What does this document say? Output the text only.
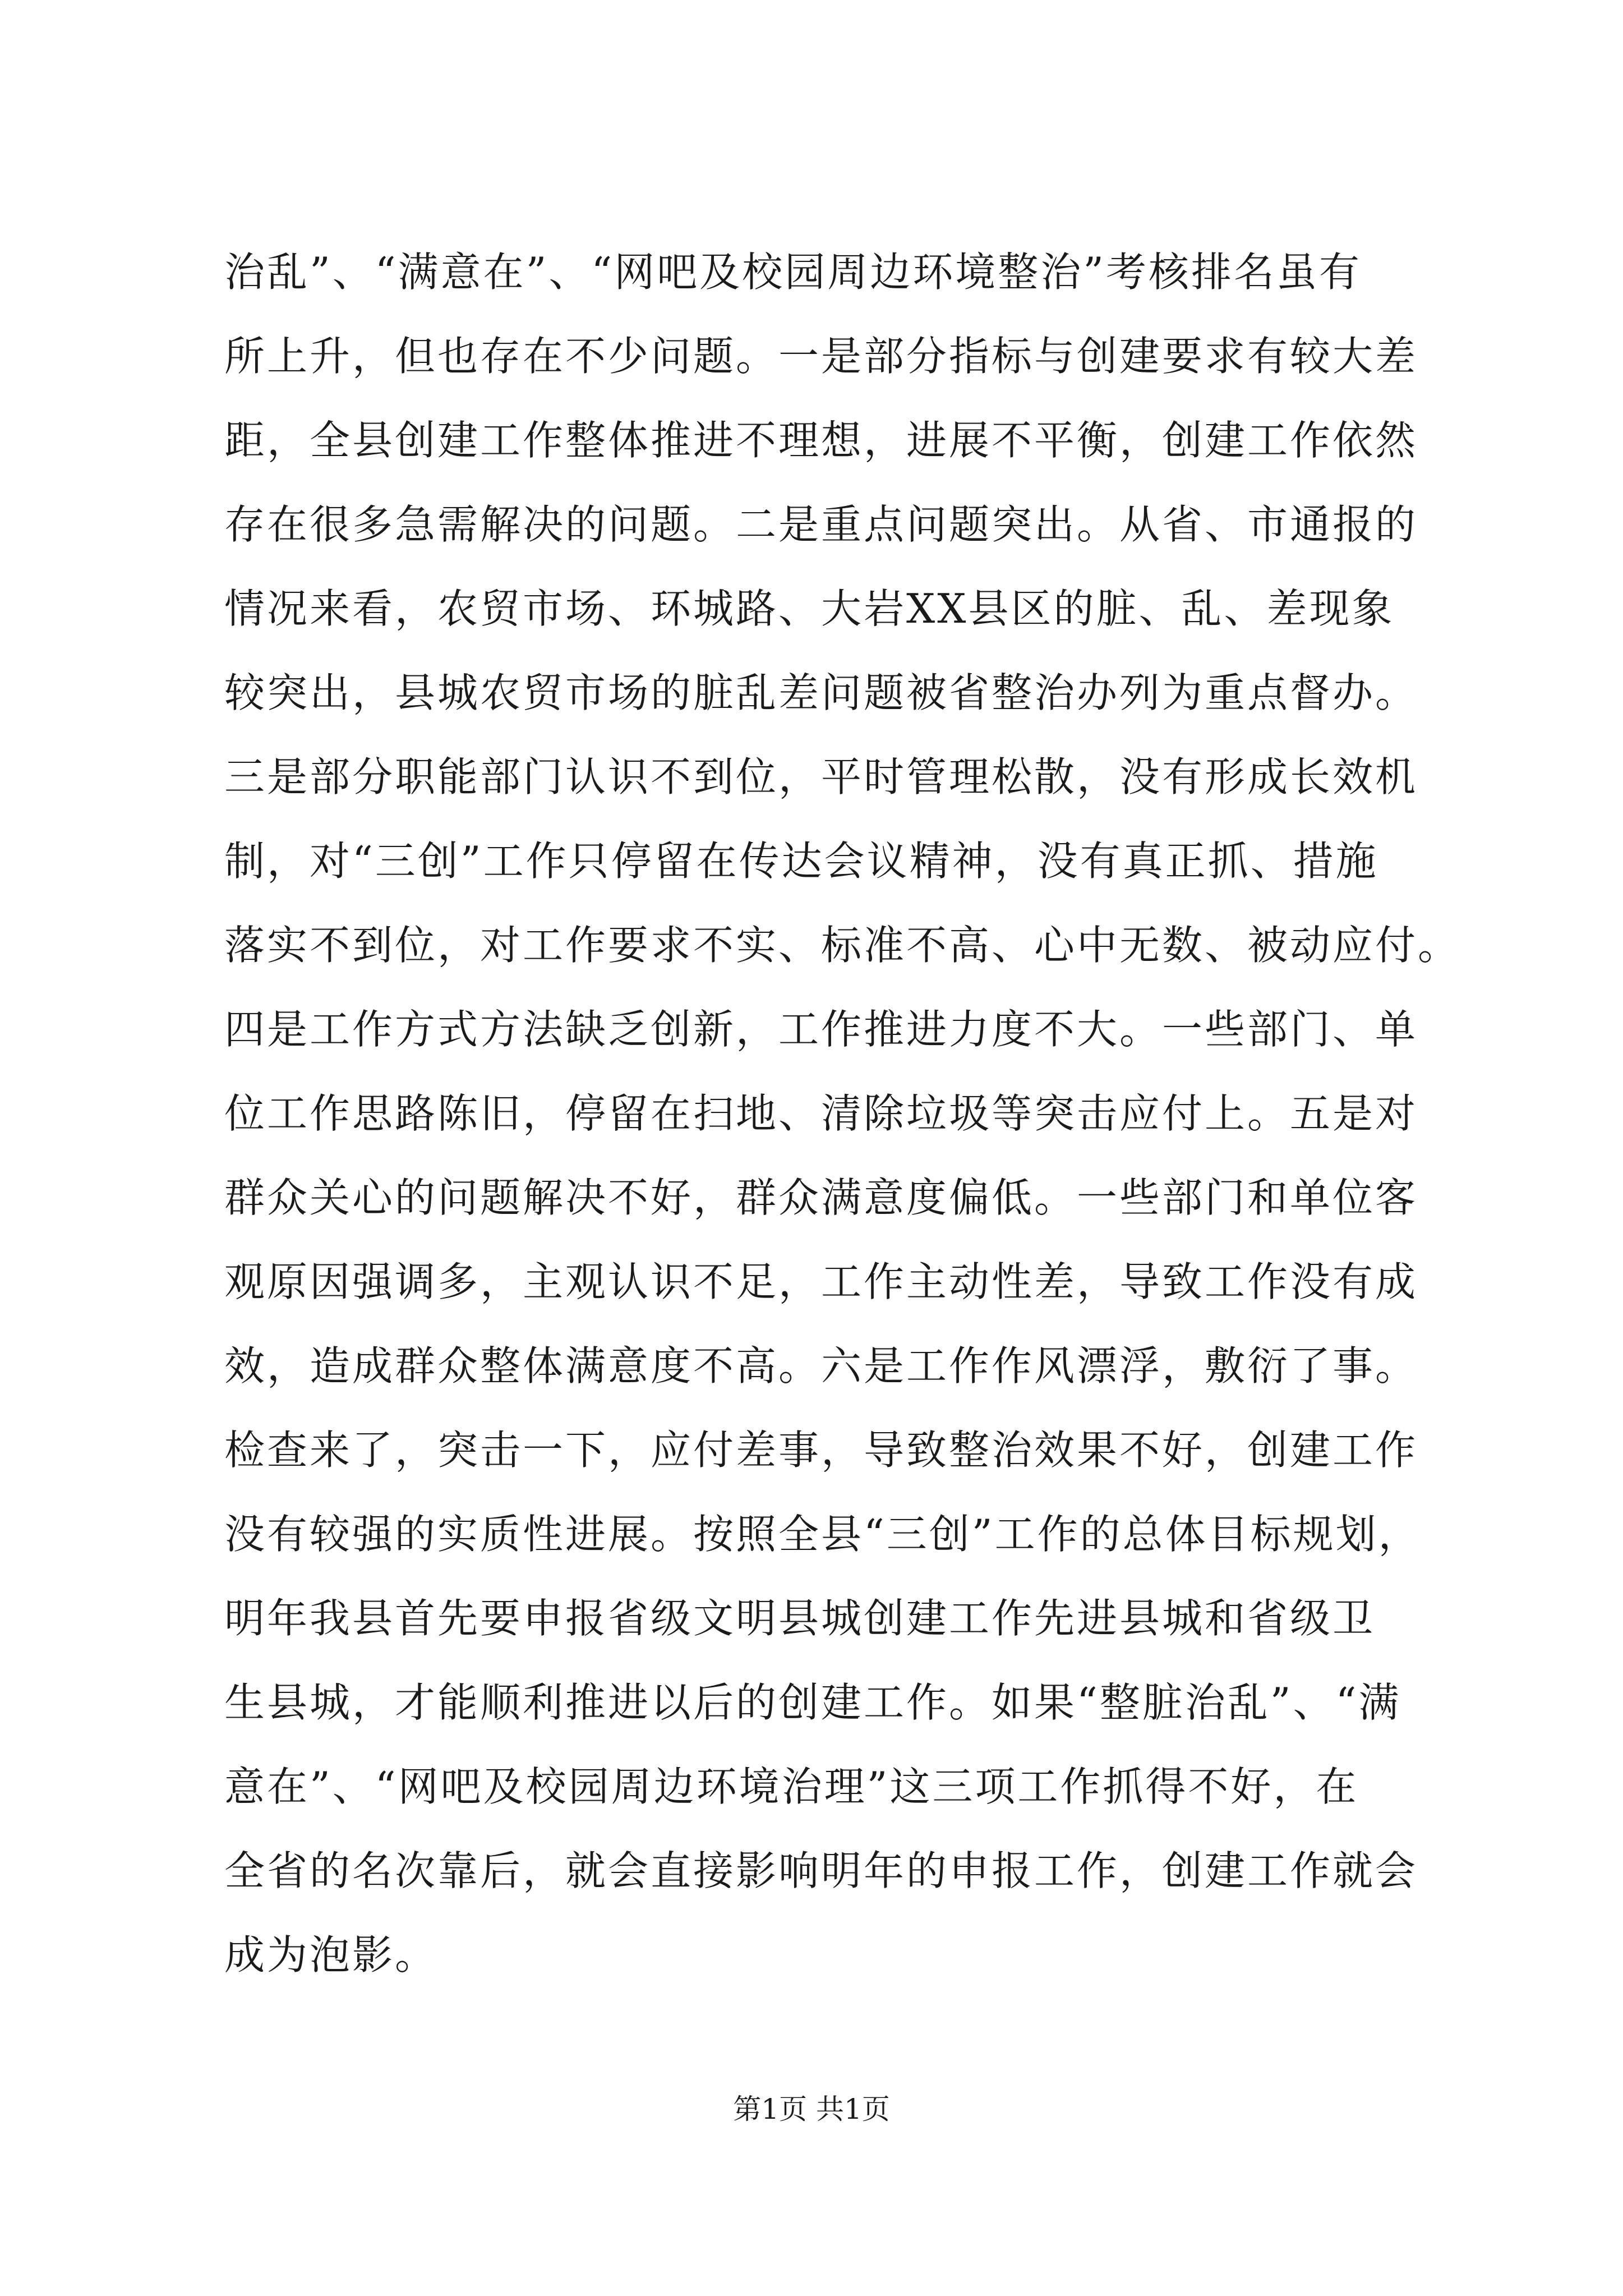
治乱”、“满意在”、“网吧及校园周边环境整治”考核排名虽有
所上升，但也存在不少问题。一是部分指标与创建要求有较大差
距，全县创建工作整体推进不理想，进展不平衡，创建工作依然
存在很多急需解决的问题。二是重点问题突出。从省、市通报的
情况来看，农贸市场、环城路、大岩XX县区的脏、乱、差现象
较突出，县城农贸市场的脏乱差问题被省整治办列为重点督办。
三是部分职能部门认识不到位，平时管理松散，没有形成长效机
制，对“三创”工作只停留在传达会议精神，没有真正抓、措施
落实不到位，对工作要求不实、标准不高、心中无数、被动应付。
四是工作方式方法缺乏创新，工作推进力度不大。一些部门、单
位工作思路陈旧，停留在扫地、清除垃圾等突击应付上。五是对
群众关心的问题解决不好，群众满意度偏低。一些部门和单位客
观原因强调多，主观认识不足，工作主动性差，导致工作没有成
效，造成群众整体满意度不高。六是工作作风漂浮，敷衍了事。
检查来了，突击一下，应付差事，导致整治效果不好，创建工作
没有较强的实质性进展。按照全县“三创”工作的总体目标规划，
明年我县首先要申报省级文明县城创建工作先进县城和省级卫
生县城，才能顺利推进以后的创建工作。如果“整脏治乱”、“满
意在”、“网吧及校园周边环境治理”这三项工作抓得不好，在
全省的名次靠后，就会直接影响明年的申报工作，创建工作就会
成为泡影。
第1页 共1页
